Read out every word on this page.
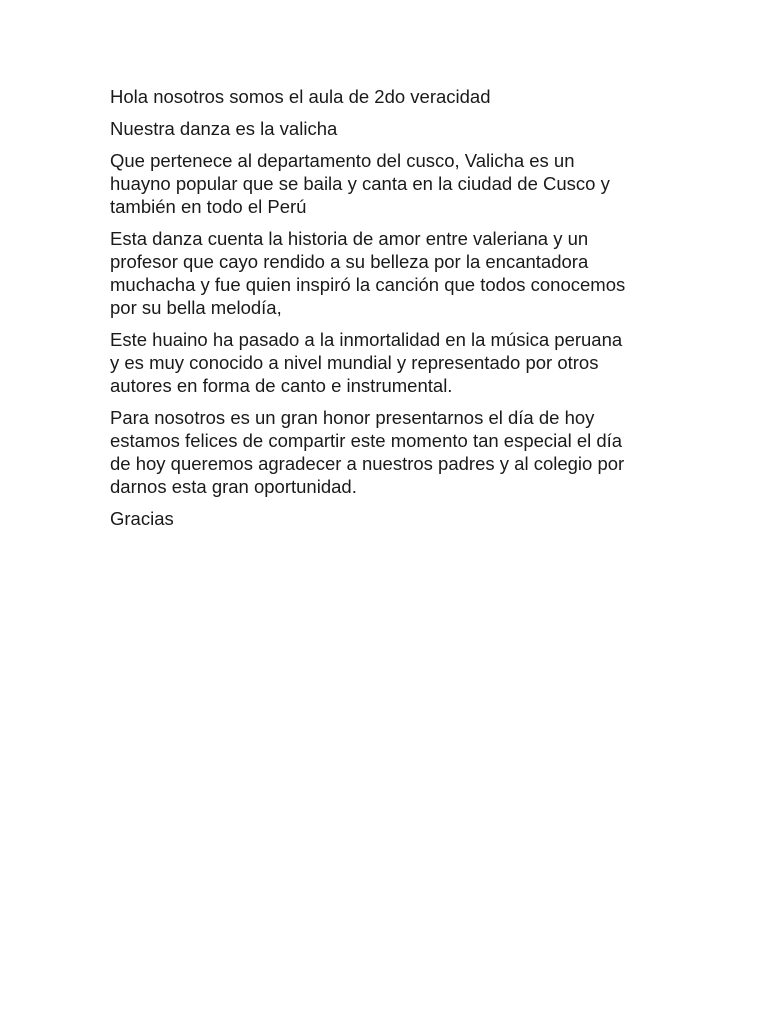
Hola nosotros somos el aula de 2do veracidad

Nuestra danza es la valicha

Que pertenece al departamento del cusco, Valicha es un
huayno popular que se baila y canta en la ciudad de Cusco y
también en todo el Perú

Esta danza cuenta la historia de amor entre valeriana y un
profesor que cayo rendido a su belleza por la encantadora
muchacha y fue quien inspiró la canción que todos conocemos
por su bella melodía,

Este huaino ha pasado a la inmortalidad en la música peruana
y es muy conocido a nivel mundial y representado por otros
autores en forma de canto e instrumental.

Para nosotros es un gran honor presentarnos el día de hoy
estamos felices de compartir este momento tan especial el día
de hoy queremos agradecer a nuestros padres y al colegio por
darnos esta gran oportunidad.

Gracias
